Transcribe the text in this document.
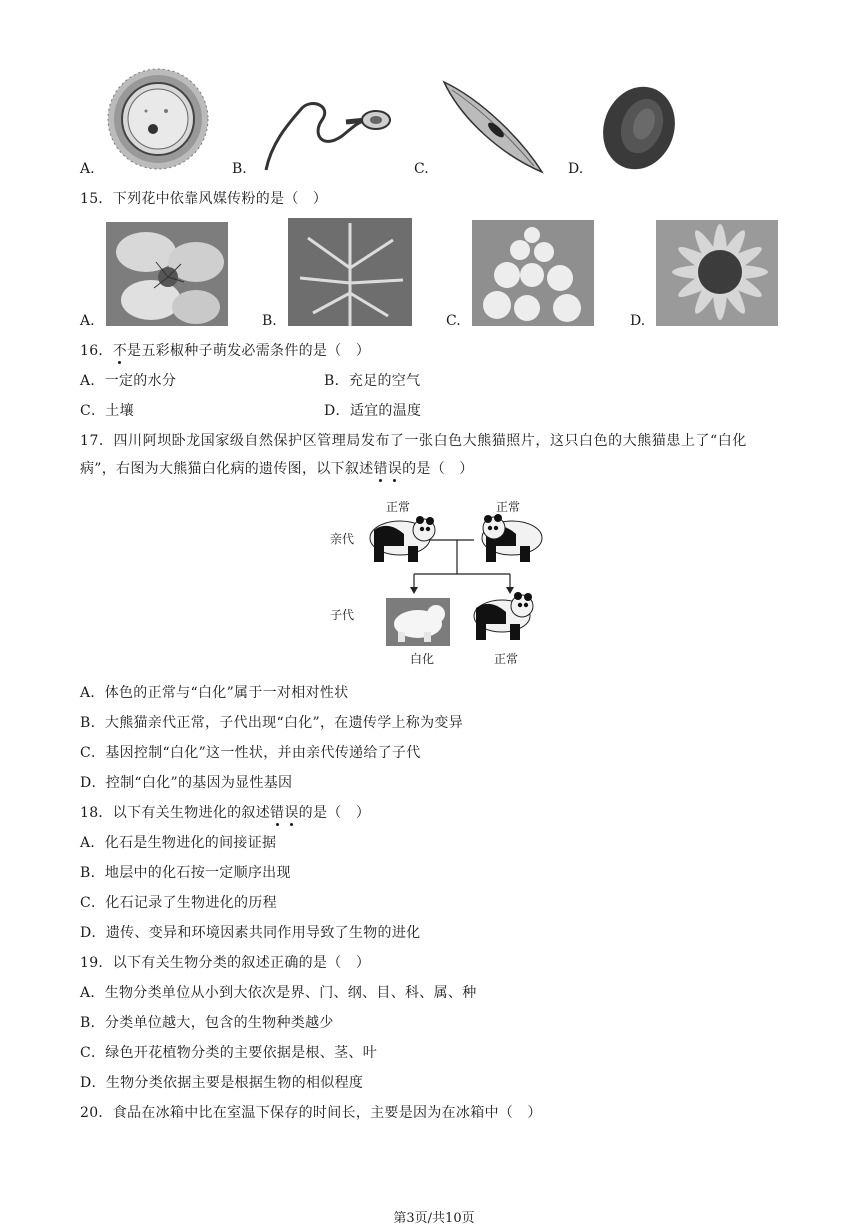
A.	B.	C.	D.
15．下列花中依靠风媒传粉的是（　）
A.	B.	C.	D.
16．不是五彩椒种子萌发必需条件的是（　）
A．一定的水分	B．充足的空气
C．土壤	D．适宜的温度
17．四川阿坝卧龙国家级自然保护区管理局发布了一张白色大熊猫照片，这只白色的大熊猫患上了“白化
病”，右图为大熊猫白化病的遗传图，以下叙述错误的是（　）
亲代
子代
正常	正常
白化	正常
A．体色的正常与“白化”属于一对相对性状
B．大熊猫亲代正常，子代出现“白化”，在遗传学上称为变异
C．基因控制“白化”这一性状，并由亲代传递给了子代
D．控制“白化”的基因为显性基因
18．以下有关生物进化的叙述错误的是（　）
A．化石是生物进化的间接证据
B．地层中的化石按一定顺序出现
C．化石记录了生物进化的历程
D．遗传、变异和环境因素共同作用导致了生物的进化
19．以下有关生物分类的叙述正确的是（　）
A．生物分类单位从小到大依次是界、门、纲、目、科、属、种
B．分类单位越大，包含的生物种类越少
C．绿色开花植物分类的主要依据是根、茎、叶
D．生物分类依据主要是根据生物的相似程度
20．食品在冰箱中比在室温下保存的时间长，主要是因为在冰箱中（　）
第3页/共10页
